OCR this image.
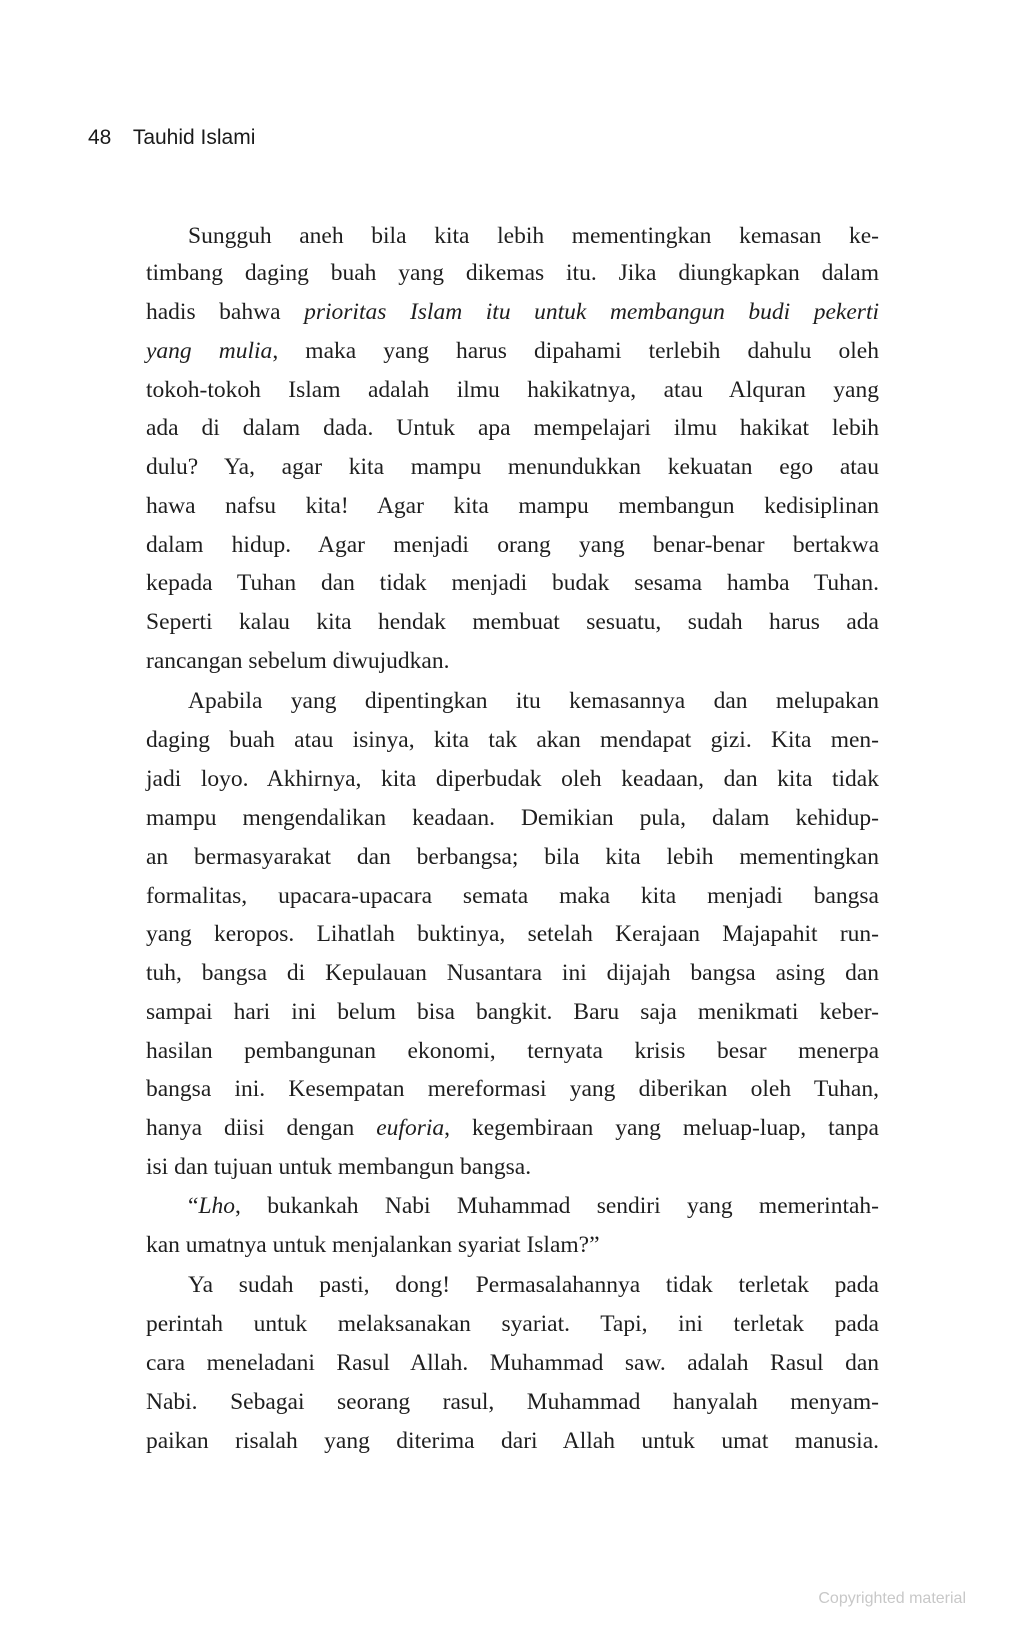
48 Tauhid Islami
Sungguh aneh bila kita lebih mementingkan kemasan ke-
timbang daging buah yang dikemas itu. Jika diungkapkan dalam
hadis bahwa prioritas Islam itu untuk membangun budi pekerti
yang mulia, maka yang harus dipahami terlebih dahulu oleh
tokoh-tokoh Islam adalah ilmu hakikatnya, atau Alquran yang
ada di dalam dada. Untuk apa mempelajari ilmu hakikat lebih
dulu? Ya, agar kita mampu menundukkan kekuatan ego atau
hawa nafsu kita! Agar kita mampu membangun kedisiplinan
dalam hidup. Agar menjadi orang yang benar-benar bertakwa
kepada Tuhan dan tidak menjadi budak sesama hamba Tuhan.
Seperti kalau kita hendak membuat sesuatu, sudah harus ada
rancangan sebelum diwujudkan.
Apabila yang dipentingkan itu kemasannya dan melupakan
daging buah atau isinya, kita tak akan mendapat gizi. Kita men-
jadi loyo. Akhirnya, kita diperbudak oleh keadaan, dan kita tidak
mampu mengendalikan keadaan. Demikian pula, dalam kehidup-
an bermasyarakat dan berbangsa; bila kita lebih mementingkan
formalitas, upacara-upacara semata maka kita menjadi bangsa
yang keropos. Lihatlah buktinya, setelah Kerajaan Majapahit run-
tuh, bangsa di Kepulauan Nusantara ini dijajah bangsa asing dan
sampai hari ini belum bisa bangkit. Baru saja menikmati keber-
hasilan pembangunan ekonomi, ternyata krisis besar menerpa
bangsa ini. Kesempatan mereformasi yang diberikan oleh Tuhan,
hanya diisi dengan euforia, kegembiraan yang meluap-luap, tanpa
isi dan tujuan untuk membangun bangsa.
“Lho, bukankah Nabi Muhammad sendiri yang memerintah-
kan umatnya untuk menjalankan syariat Islam?”
Ya sudah pasti, dong! Permasalahannya tidak terletak pada
perintah untuk melaksanakan syariat. Tapi, ini terletak pada
cara meneladani Rasul Allah. Muhammad saw. adalah Rasul dan
Nabi. Sebagai seorang rasul, Muhammad hanyalah menyam-
paikan risalah yang diterima dari Allah untuk umat manusia.
Copyrighted material
